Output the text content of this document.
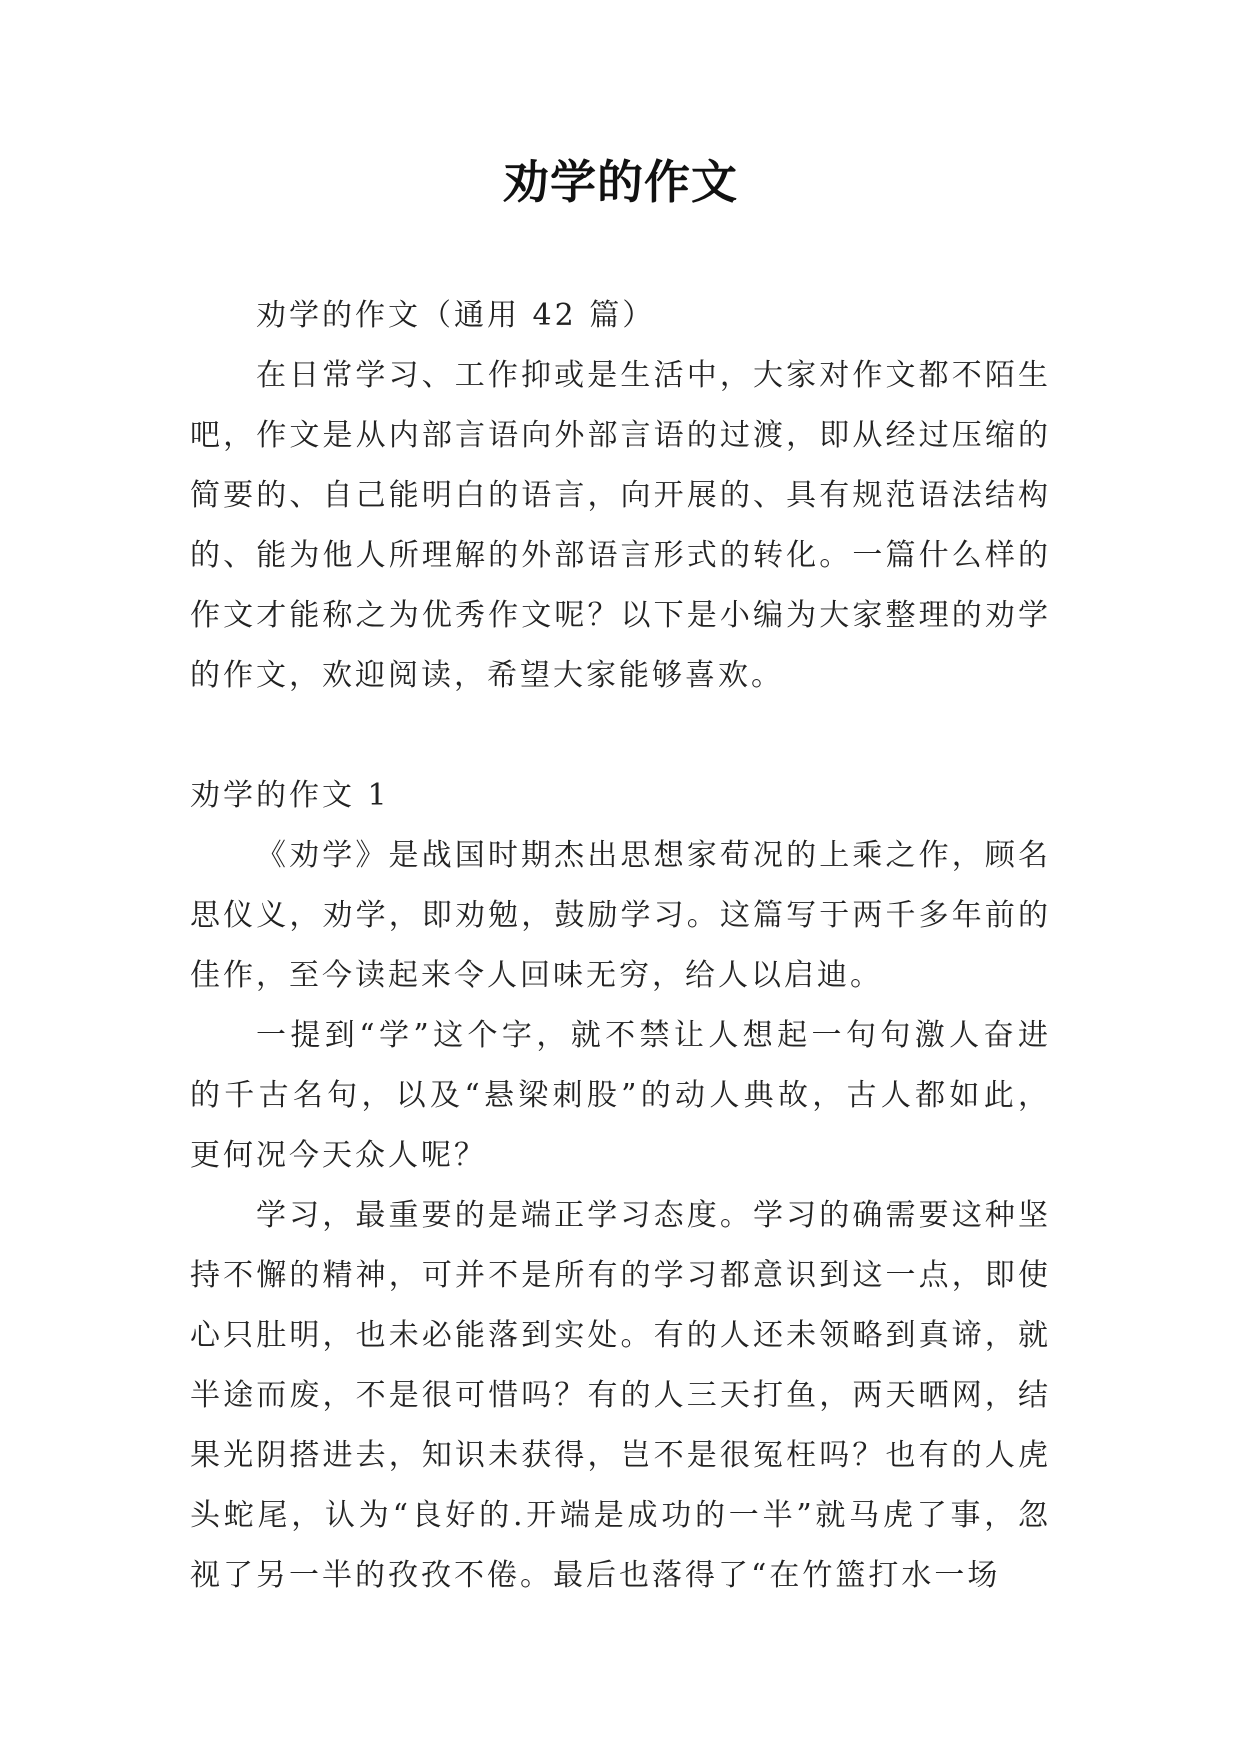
劝学的作文

劝学的作文（通用 42 篇）

在日常学习、工作抑或是生活中，大家对作文都不陌生吧，作文是从内部言语向外部言语的过渡，即从经过压缩的简要的、自己能明白的语言，向开展的、具有规范语法结构的、能为他人所理解的外部语言形式的转化。一篇什么样的作文才能称之为优秀作文呢？以下是小编为大家整理的劝学的作文，欢迎阅读，希望大家能够喜欢。

劝学的作文 1

《劝学》是战国时期杰出思想家荀况的上乘之作，顾名思仪义，劝学，即劝勉，鼓励学习。这篇写于两千多年前的佳作，至今读起来令人回味无穷，给人以启迪。

一提到“学”这个字，就不禁让人想起一句句激人奋进的千古名句，以及“悬梁刺股”的动人典故，古人都如此，更何况今天众人呢？

学习，最重要的是端正学习态度。学习的确需要这种坚持不懈的精神，可并不是所有的学习都意识到这一点，即使心只肚明，也未必能落到实处。有的人还未领略到真谛，就半途而废，不是很可惜吗？有的人三天打鱼，两天晒网，结果光阴搭进去，知识未获得，岂不是很冤枉吗？也有的人虎头蛇尾，认为“良好的.开端是成功的一半”就马虎了事，忽视了另一半的孜孜不倦。最后也落得了“在竹篮打水一场
